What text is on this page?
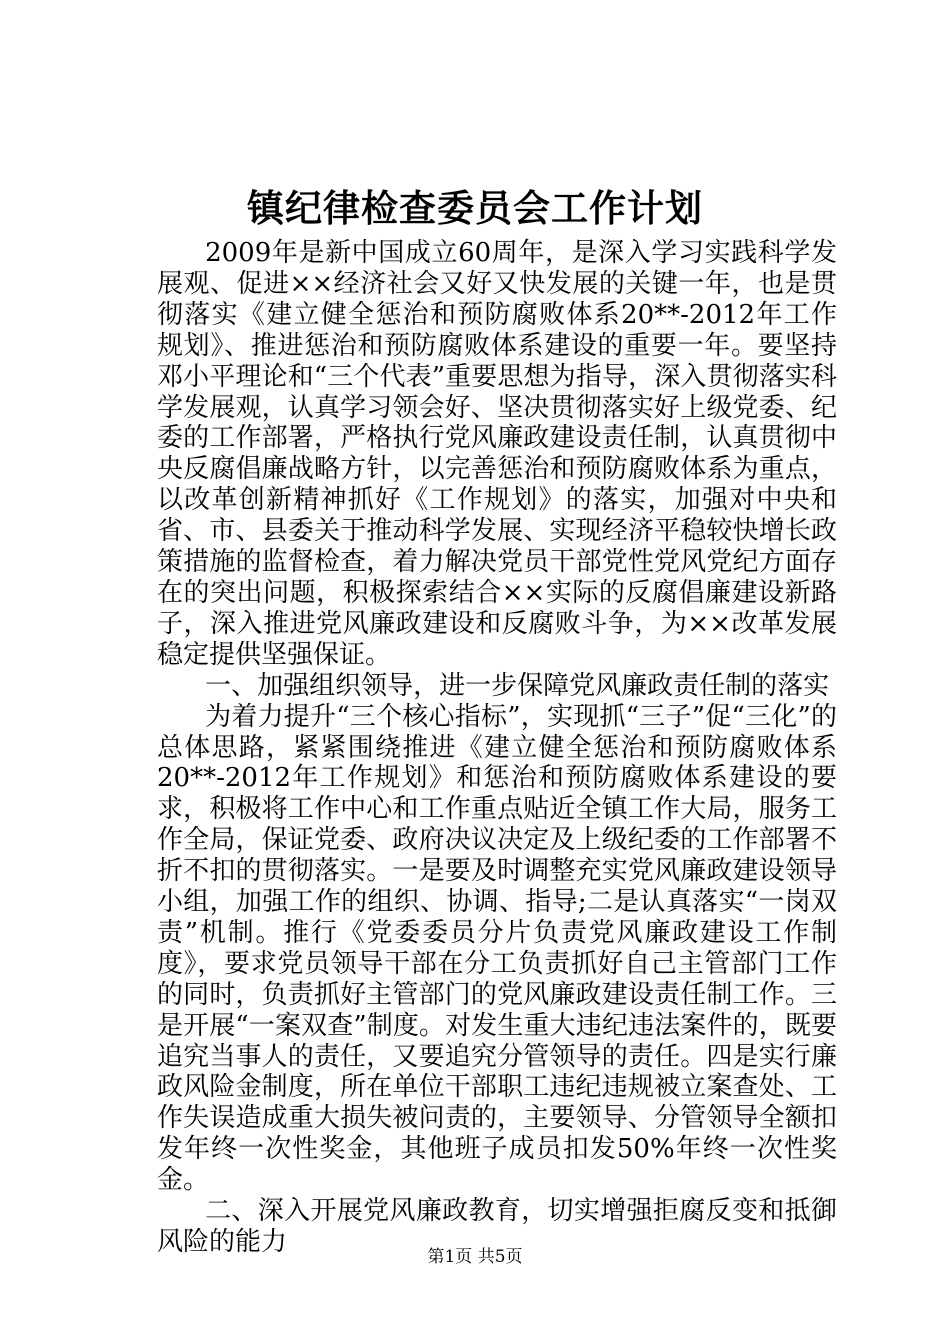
镇纪律检查委员会工作计划

2009年是新中国成立60周年，是深入学习实践科学发展观、促进××经济社会又好又快发展的关键一年，也是贯彻落实《建立健全惩治和预防腐败体系20**-2012年工作规划》、推进惩治和预防腐败体系建设的重要一年。要坚持邓小平理论和“三个代表”重要思想为指导，深入贯彻落实科学发展观，认真学习领会好、坚决贯彻落实好上级党委、纪委的工作部署，严格执行党风廉政建设责任制，认真贯彻中央反腐倡廉战略方针，以完善惩治和预防腐败体系为重点，以改革创新精神抓好《工作规划》的落实，加强对中央和省、市、县委关于推动科学发展、实现经济平稳较快增长政策措施的监督检查，着力解决党员干部党性党风党纪方面存在的突出问题，积极探索结合××实际的反腐倡廉建设新路子，深入推进党风廉政建设和反腐败斗争，为××改革发展稳定提供坚强保证。

一、加强组织领导，进一步保障党风廉政责任制的落实

为着力提升“三个核心指标”，实现抓“三子”促“三化”的总体思路，紧紧围绕推进《建立健全惩治和预防腐败体系20**-2012年工作规划》和惩治和预防腐败体系建设的要求，积极将工作中心和工作重点贴近全镇工作大局，服务工作全局，保证党委、政府决议决定及上级纪委的工作部署不折不扣的贯彻落实。一是要及时调整充实党风廉政建设领导小组，加强工作的组织、协调、指导;二是认真落实“一岗双责”机制。推行《党委委员分片负责党风廉政建设工作制度》，要求党员领导干部在分工负责抓好自己主管部门工作的同时，负责抓好主管部门的党风廉政建设责任制工作。三是开展“一案双查”制度。对发生重大违纪违法案件的，既要追究当事人的责任，又要追究分管领导的责任。四是实行廉政风险金制度，所在单位干部职工违纪违规被立案查处、工作失误造成重大损失被问责的，主要领导、分管领导全额扣发年终一次性奖金，其他班子成员扣发50%年终一次性奖金。

二、深入开展党风廉政教育，切实增强拒腐反变和抵御风险的能力	第1页 共5页
